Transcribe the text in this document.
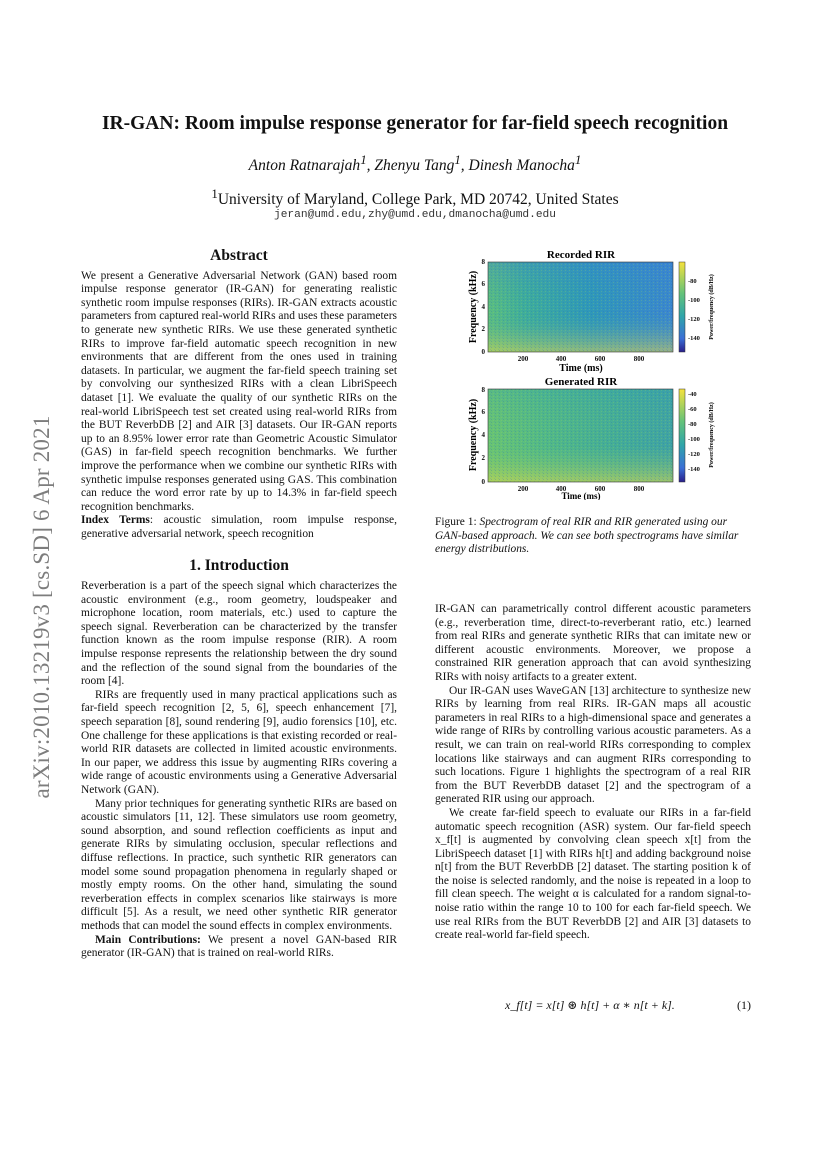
arXiv:2010.13219v3 [cs.SD] 6 Apr 2021
IR-GAN: Room impulse response generator for far-field speech recognition
Anton Ratnarajah$^1$, Zhenyu Tang$^1$, Dinesh Manocha$^1$
$^1$University of Maryland, College Park, MD 20742, United States
jeran@umd.edu,zhy@umd.edu,dmanocha@umd.edu
Abstract

We present a Generative Adversarial Network (GAN) based room impulse response generator (IR-GAN) for generating realistic synthetic room impulse responses (RIRs). IR-GAN extracts acoustic parameters from captured real-world RIRs and uses these parameters to generate new synthetic RIRs. We use these generated synthetic RIRs to improve far-field automatic speech recognition in new environments that are different from the ones used in training datasets. In particular, we augment the far-field speech training set by convolving our synthesized RIRs with a clean LibriSpeech dataset [1]. We evaluate the quality of our synthetic RIRs on the real-world LibriSpeech test set created using real-world RIRs from the BUT ReverbDB [2] and AIR [3] datasets. Our IR-GAN reports up to an 8.95% lower error rate than Geometric Acoustic Simulator (GAS) in far-field speech recognition benchmarks. We further improve the performance when we combine our synthetic RIRs with synthetic impulse responses generated using GAS. This combination can reduce the word error rate by up to 14.3% in far-field speech recognition benchmarks.

Index Terms: acoustic simulation, room impulse response, generative adversarial network, speech recognition

1. Introduction

Reverberation is a part of the speech signal which characterizes the acoustic environment (e.g., room geometry, loudspeaker and microphone location, room materials, etc.) used to capture the speech signal. Reverberation can be characterized by the transfer function known as the room impulse response (RIR). A room impulse response represents the relationship between the dry sound and the reflection of the sound signal from the boundaries of the room [4].

RIRs are frequently used in many practical applications such as far-field speech recognition [2, 5, 6], speech enhancement [7], speech separation [8], sound rendering [9], audio forensics [10], etc. One challenge for these applications is that existing recorded or real-world RIR datasets are collected in limited acoustic environments. In our paper, we address this issue by augmenting RIRs covering a wide range of acoustic environments using a Generative Adversarial Network (GAN).

Many prior techniques for generating synthetic RIRs are based on acoustic simulators [11, 12]. These simulators use room geometry, sound absorption, and sound reflection coefficients as input and generate RIRs by simulating occlusion, specular reflections and diffuse reflections. In practice, such synthetic RIR generators can model some sound propagation phenomena in regularly shaped or mostly empty rooms. On the other hand, simulating the sound reverberation effects in complex scenarios like stairways is more difficult [5]. As a result, we need other synthetic RIR generator methods that can model the sound effects in complex environments.

Main Contributions: We present a novel GAN-based RIR generator (IR-GAN) that is trained on real-world RIRs.

Recorded RIR
8
6
4
2
0
200	400	600	800
Time (ms)
Frequency (kHz)	-80
-100
-120
-140 Power/frequency (dB/Hz)
Generated RIR
8
6
4
2
0
200	400	600	800
Time (ms)
Frequency (kHz)
-40
-60
-80
-100
-120
-140
Power/frequency (dB/Hz)
Figure 1: Spectrogram of real RIR and RIR generated using our GAN-based approach. We can see both spectrograms have similar energy distributions.

IR-GAN can parametrically control different acoustic parameters (e.g., reverberation time, direct-to-reverberant ratio, etc.) learned from real RIRs and generate synthetic RIRs that can imitate new or different acoustic environments. Moreover, we propose a constrained RIR generation approach that can avoid synthesizing RIRs with noisy artifacts to a greater extent.

Our IR-GAN uses WaveGAN [13] architecture to synthesize new RIRs by learning from real RIRs. IR-GAN maps all acoustic parameters in real RIRs to a high-dimensional space and generates a wide range of RIRs by controlling various acoustic parameters. As a result, we can train on real-world RIRs corresponding to complex locations like stairways and can augment RIRs corresponding to such locations. Figure 1 highlights the spectrogram of a real RIR from the BUT ReverbDB dataset [2] and the spectrogram of a generated RIR using our approach.

We create far-field speech to evaluate our RIRs in a far-field automatic speech recognition (ASR) system. Our far-field speech x_f[t] is augmented by convolving clean speech x[t] from the LibriSpeech dataset [1] with RIRs h[t] and adding background noise n[t] from the BUT ReverbDB [2] dataset. The starting position k of the noise is selected randomly, and the noise is repeated in a loop to fill clean speech. The weight α is calculated for a random signal-to-noise ratio within the range 10 to 100 for each far-field speech. We use real RIRs from the BUT ReverbDB [2] and AIR [3] datasets to create real-world far-field speech.

x_f[t] = x[t] ⊛ h[t] + α ∗ n[t + k].	(1)
